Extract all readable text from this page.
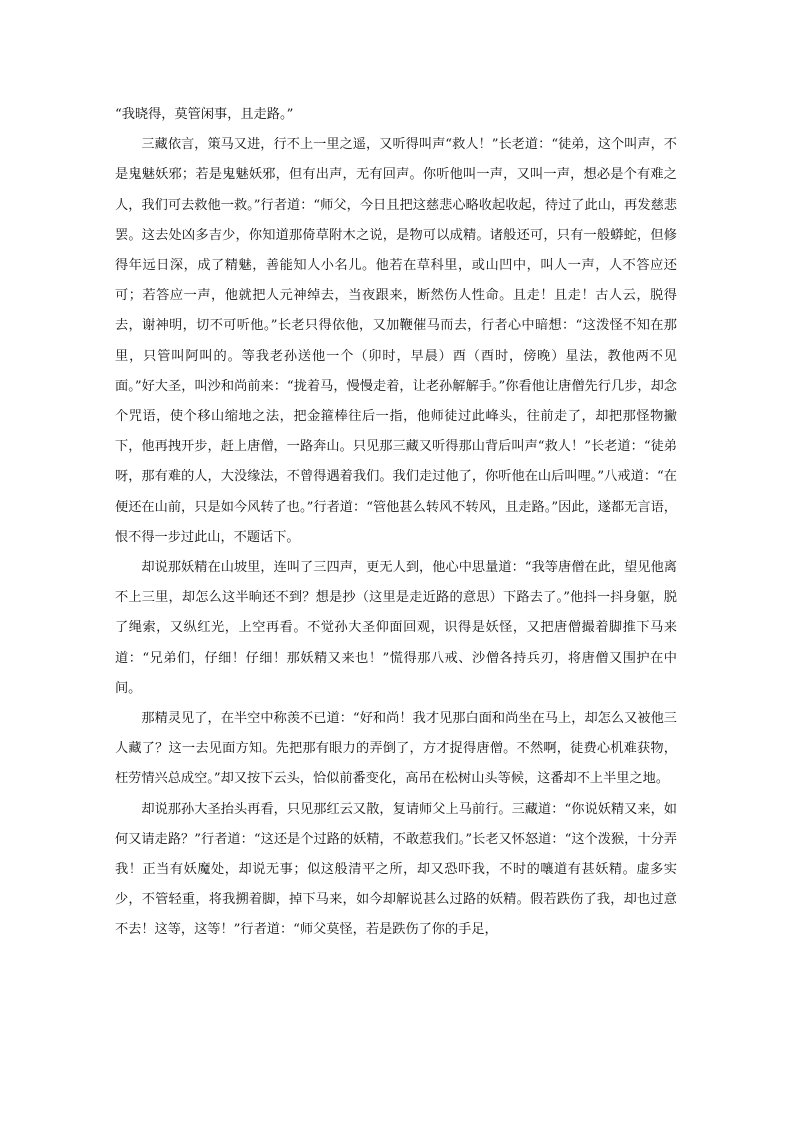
“我晓得，莫管闲事，且走路。”

三藏依言，策马又进，行不上一里之遥，又听得叫声“救人！”长老道：“徒弟，这个叫声，不是鬼魅妖邪；若是鬼魅妖邪，但有出声，无有回声。你听他叫一声，又叫一声，想必是个有难之人，我们可去救他一救。”行者道：“师父，今日且把这慈悲心略收起收起，待过了此山，再发慈悲罢。这去处凶多吉少，你知道那倚草附木之说，是物可以成精。诸般还可，只有一般蟒蛇，但修得年远日深，成了精魅，善能知人小名儿。他若在草科里，或山凹中，叫人一声，人不答应还可；若答应一声，他就把人元神绰去，当夜跟来，断然伤人性命。且走！且走！古人云，脱得去，谢神明，切不可听他。”长老只得依他，又加鞭催马而去，行者心中暗想：“这泼怪不知在那里，只管叫阿叫的。等我老孙送他一个（卯时，早晨）酉（酉时，傍晚）星法，教他两不见面。”好大圣，叫沙和尚前来：“拢着马，慢慢走着，让老孙解解手。”你看他让唐僧先行几步，却念个咒语，使个移山缩地之法，把金箍棒往后一指，他师徒过此峰头，往前走了，却把那怪物撇下，他再拽开步，赶上唐僧，一路奔山。只见那三藏又听得那山背后叫声“救人！”长老道：“徒弟呀，那有难的人，大没缘法，不曾得遇着我们。我们走过他了，你听他在山后叫哩。”八戒道：“在便还在山前，只是如今风转了也。”行者道：“管他甚么转风不转风，且走路。”因此，遂都无言语，恨不得一步过此山，不题话下。

却说那妖精在山坡里，连叫了三四声，更无人到，他心中思量道：“我等唐僧在此，望见他离不上三里，却怎么这半晌还不到？想是抄（这里是走近路的意思）下路去了。”他抖一抖身躯，脱了绳索，又纵红光，上空再看。不觉孙大圣仰面回观，识得是妖怪，又把唐僧撮着脚推下马来道：“兄弟们，仔细！仔细！那妖精又来也！”慌得那八戒、沙僧各持兵刃，将唐僧又围护在中间。

那精灵见了，在半空中称羡不已道：“好和尚！我才见那白面和尚坐在马上，却怎么又被他三人藏了？这一去见面方知。先把那有眼力的弄倒了，方才捉得唐僧。不然啊，徒费心机难获物，枉劳情兴总成空。”却又按下云头，恰似前番变化，高吊在松树山头等候，这番却不上半里之地。

却说那孙大圣抬头再看，只见那红云又散，复请师父上马前行。三藏道：“你说妖精又来，如何又请走路？”行者道：“这还是个过路的妖精，不敢惹我们。”长老又怀怒道：“这个泼猴，十分弄我！正当有妖魔处，却说无事；似这般清平之所，却又恐吓我，不时的嚷道有甚妖精。虚多实少，不管轻重，将我搠着脚，掉下马来，如今却解说甚么过路的妖精。假若跌伤了我，却也过意不去！这等，这等！”行者道：“师父莫怪，若是跌伤了你的手足，
